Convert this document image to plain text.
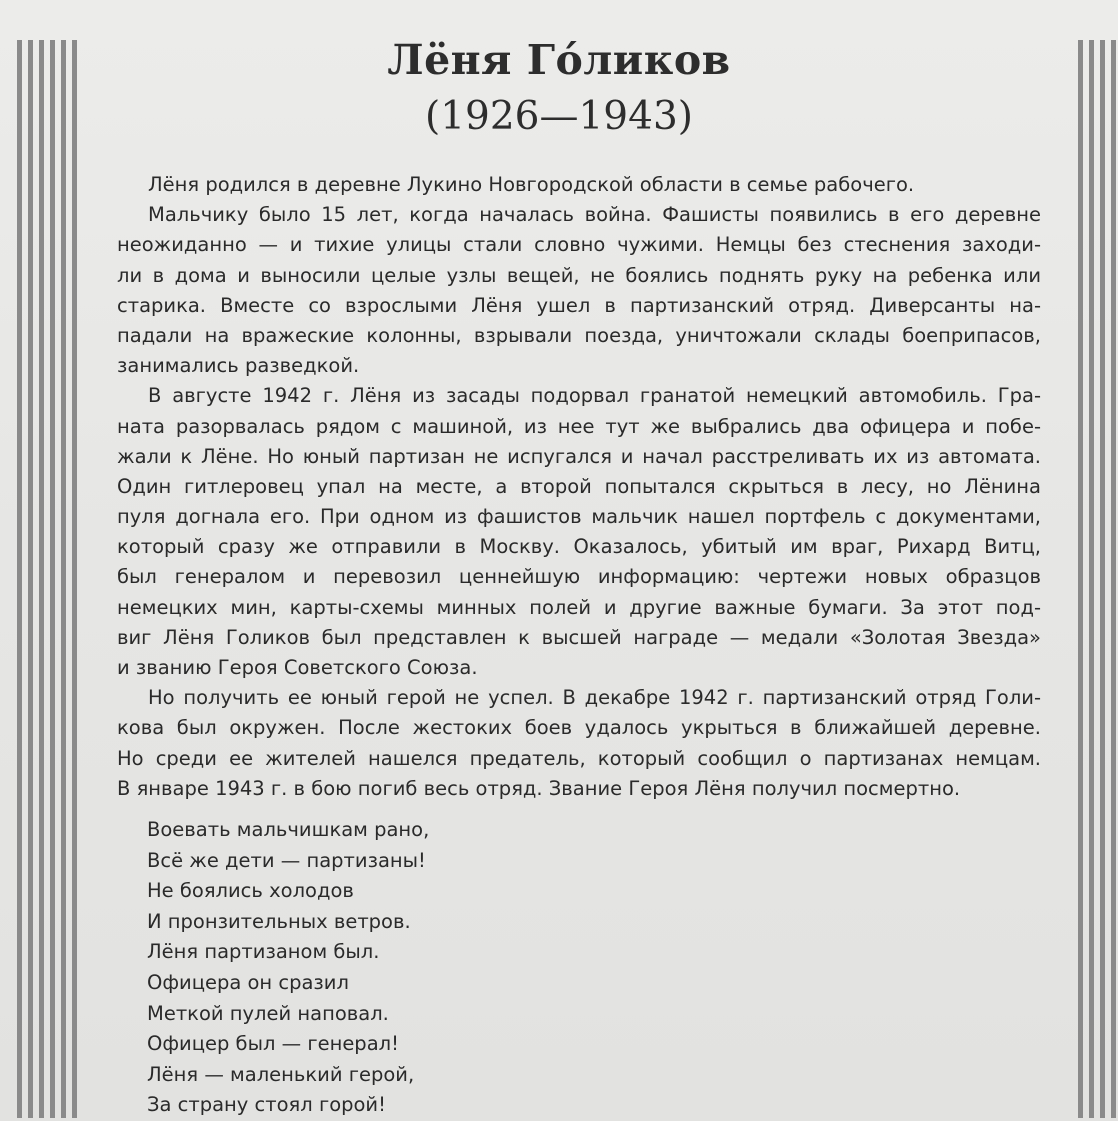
Лёня Го́ликов
(1926—1943)
Лёня родился в деревне Лукино Новгородской области в семье рабочего.
Мальчику было 15 лет, когда началась война. Фашисты появились в его деревне
неожиданно — и тихие улицы стали словно чужими. Немцы без стеснения заходи-
ли в дома и выносили целые узлы вещей, не боялись поднять руку на ребенка или
старика. Вместе со взрослыми Лёня ушел в партизанский отряд. Диверсанты на-
падали на вражеские колонны, взрывали поезда, уничтожали склады боеприпасов,
занимались разведкой.
В августе 1942 г. Лёня из засады подорвал гранатой немецкий автомобиль. Гра-
ната разорвалась рядом с машиной, из нее тут же выбрались два офицера и побе-
жали к Лёне. Но юный партизан не испугался и начал расстреливать их из автомата.
Один гитлеровец упал на месте, а второй попытался скрыться в лесу, но Лёнина
пуля догнала его. При одном из фашистов мальчик нашел портфель с документами,
который сразу же отправили в Москву. Оказалось, убитый им враг, Рихард Витц,
был генералом и перевозил ценнейшую информацию: чертежи новых образцов
немецких мин, карты-схемы минных полей и другие важные бумаги. За этот под-
виг Лёня Голиков был представлен к высшей награде — медали «Золотая Звезда»
и званию Героя Советского Союза.
Но получить ее юный герой не успел. В декабре 1942 г. партизанский отряд Голи-
кова был окружен. После жестоких боев удалось укрыться в ближайшей деревне.
Но среди ее жителей нашелся предатель, который сообщил о партизанах немцам.
В январе 1943 г. в бою погиб весь отряд. Звание Героя Лёня получил посмертно.
Воевать мальчишкам рано,
Всё же дети — партизаны!
Не боялись холодов
И пронзительных ветров.
Лёня партизаном был.
Офицера он сразил
Меткой пулей наповал.
Офицер был — генерал!
Лёня — маленький герой,
За страну стоял горой!
